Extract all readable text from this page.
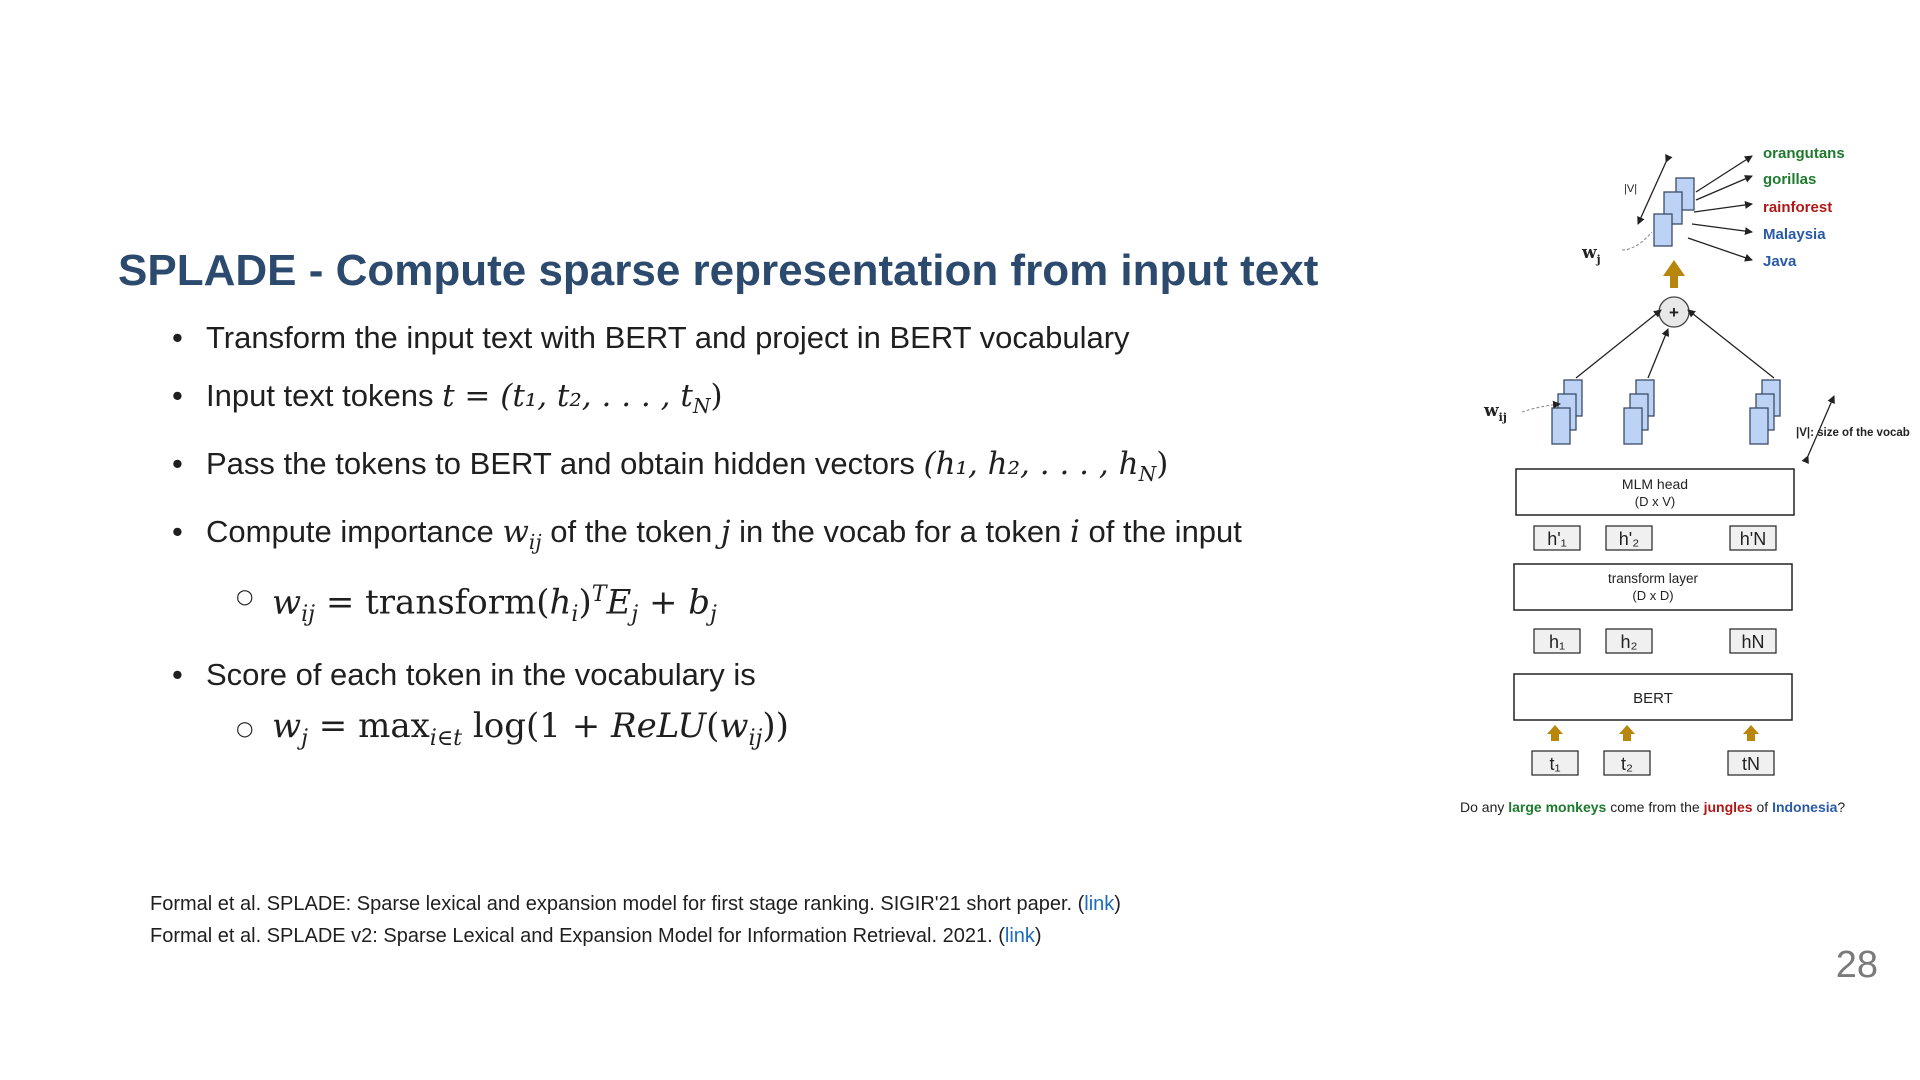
SPLADE - Compute sparse representation from input text
• Transform the input text with BERT and project in BERT vocabulary
• Input text tokens t = (t₁, t₂, . . . , $t_N$)
• Pass the tokens to BERT and obtain hidden vectors (h₁, h₂, . . . , $h_N$)
• Compute importance $w_{ij}$ of the token j in the vocab for a token i of the input
○ $w_{ij}$ = $transform(h_i)^TE_j + b_j$
• Score of each token in the vocabulary is
○ $w_j = \max_{i\in t} \log(1$ + $ReLU(w_{ij})$)
Formal et al. SPLADE: Sparse lexical and expansion model for first stage ranking. SIGIR'21 short paper. (link)
Formal et al. SPLADE v2: Sparse Lexical and Expansion Model for Information Retrieval. 2021. (link)
28
|V|
$w_j$
orangutans
gorillas
rainforest
Malaysia
Java
+
$w_{ij}$
|V|: size of the vocab
MLM head
(D x V)
h'₁	h'₂	h'N
transform layer
(D x D)
h₁	h₂	hN
BERT
t₁	t₂	tN
Do any large monkeys come from the jungles of Indonesia?
